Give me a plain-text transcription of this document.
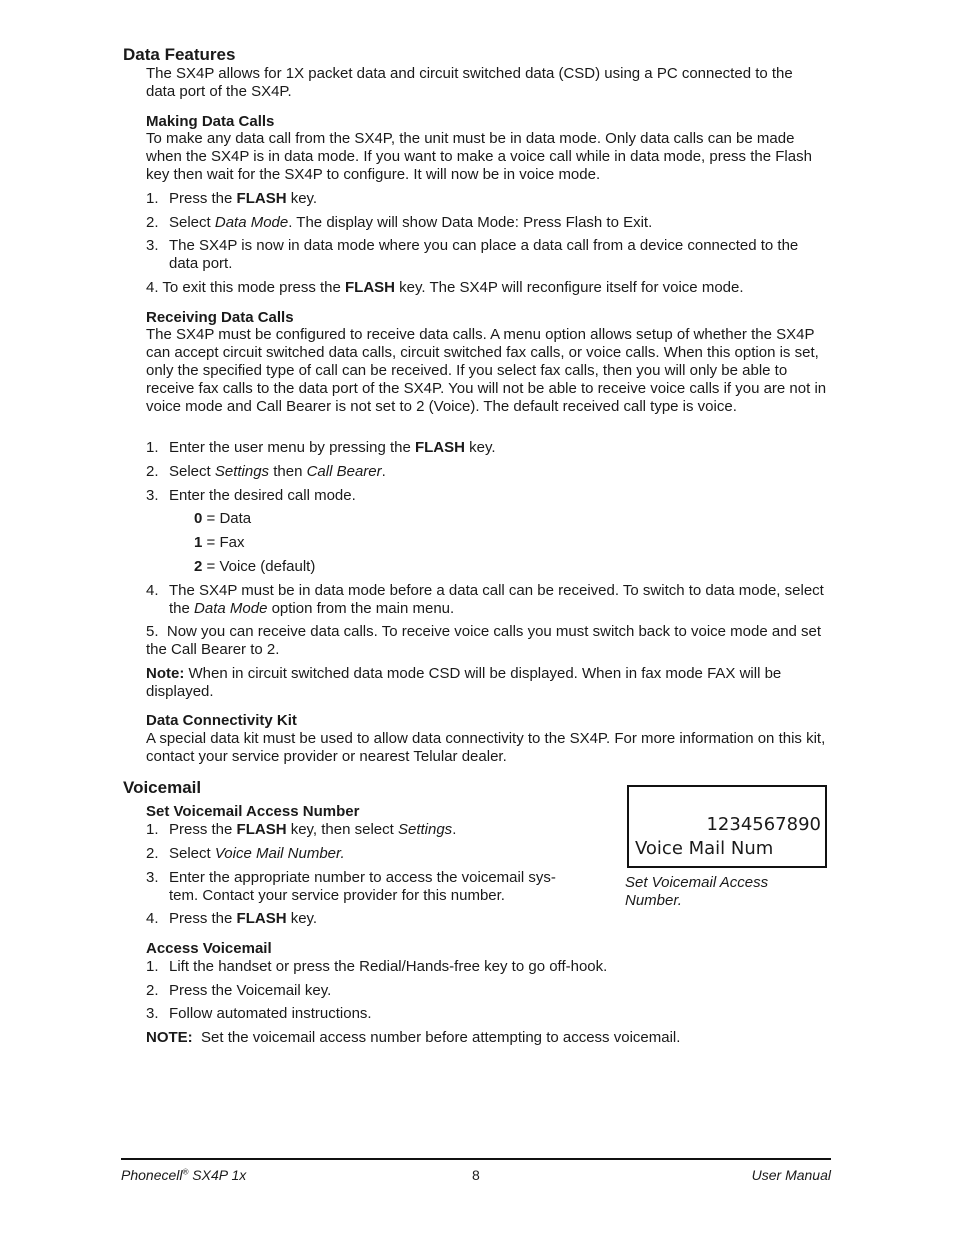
Data Features
The SX4P allows for 1X packet data and circuit switched data (CSD) using a PC connected to the data port of the SX4P.
Making Data Calls
To make any data call from the SX4P, the unit must be in data mode. Only data calls can be made when the SX4P is in data mode. If you want to make a voice call while in data mode, press the Flash key then wait for the SX4P to configure. It will now be in voice mode.
1. Press the FLASH key.
2. Select Data Mode. The display will show Data Mode: Press Flash to Exit.
3. The SX4P is now in data mode where you can place a data call from a device connected to the data port.
4. To exit this mode press the FLASH key. The SX4P will reconfigure itself for voice mode.
Receiving Data Calls
The SX4P must be configured to receive data calls. A menu option allows setup of whether the SX4P can accept circuit switched data calls, circuit switched fax calls, or voice calls. When this option is set, only the specified type of call can be received. If you select fax calls, then you will only be able to receive fax calls to the data port of the SX4P. You will not be able to receive voice calls if you are not in voice mode and Call Bearer is not set to 2 (Voice). The default received call type is voice.
1. Enter the user menu by pressing the FLASH key.
2. Select Settings then Call Bearer.
3. Enter the desired call mode.
0 = Data
1 = Fax
2 = Voice (default)
4. The SX4P must be in data mode before a data call can be received. To switch to data mode, select the Data Mode option from the main menu.
5. Now you can receive data calls. To receive voice calls you must switch back to voice mode and set the Call Bearer to 2.
Note: When in circuit switched data mode CSD will be displayed. When in fax mode FAX will be displayed.
Data Connectivity Kit
A special data kit must be used to allow data connectivity to the SX4P. For more information on this kit, contact your service provider or nearest Telular dealer.
Voicemail
Set Voicemail Access Number
1. Press the FLASH key, then select Settings.
2. Select Voice Mail Number.
3. Enter the appropriate number to access the voicemail sys-
tem. Contact your service provider for this number.
4. Press the FLASH key.
1234567890
Voice Mail Num
Set Voicemail Access Number.
Access Voicemail
1. Lift the handset or press the Redial/Hands-free key to go off-hook.
2. Press the Voicemail key.
3. Follow automated instructions.
NOTE: Set the voicemail access number before attempting to access voicemail.
Phonecell® SX4P 1x	8	User Manual
